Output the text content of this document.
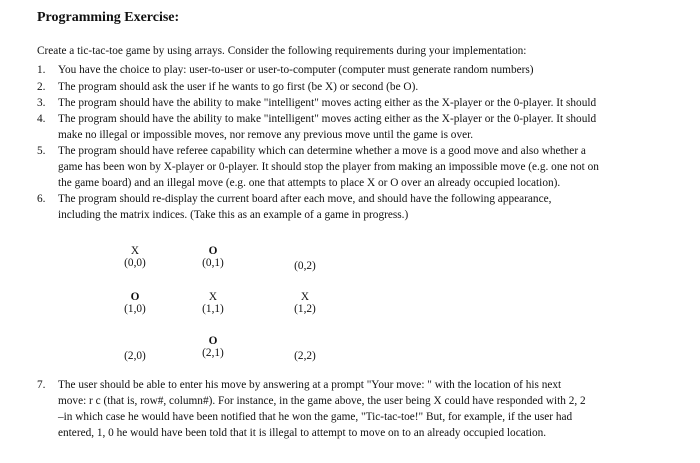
Programming Exercise:
Create a tic-tac-toe game by using arrays. Consider the following requirements during your implementation:
1. You have the choice to play: user-to-user or user-to-computer (computer must generate random numbers)
2. The program should ask the user if he wants to go first (be X) or second (be O).
3. The program should have the ability to make "intelligent" moves acting either as the X-player or the 0-player. It should
4. The program should have the ability to make "intelligent" moves acting either as the X-player or the 0-player. It should
make no illegal or impossible moves, nor remove any previous move until the game is over.
5. The program should have referee capability which can determine whether a move is a good move and also whether a
game has been won by X-player or 0-player. It should stop the player from making an impossible move (e.g. one not on
the game board) and an illegal move (e.g. one that attempts to place X or O over an already occupied location).
6. The program should re-display the current board after each move, and should have the following appearance,
including the matrix indices. (Take this as an example of a game in progress.)
X
(0,0)
O
(0,1)	(0,2)
O
(1,0)
X
(1,1)
X
(1,2)
(2,0)
O
(2,1)	(2,2)
7. The user should be able to enter his move by answering at a prompt "Your move: " with the location of his next
move: r c (that is, row#, column#). For instance, in the game above, the user being X could have responded with 2, 2
–in which case he would have been notified that he won the game, "Tic-tac-toe!" But, for example, if the user had
entered, 1, 0 he would have been told that it is illegal to attempt to move on to an already occupied location.
